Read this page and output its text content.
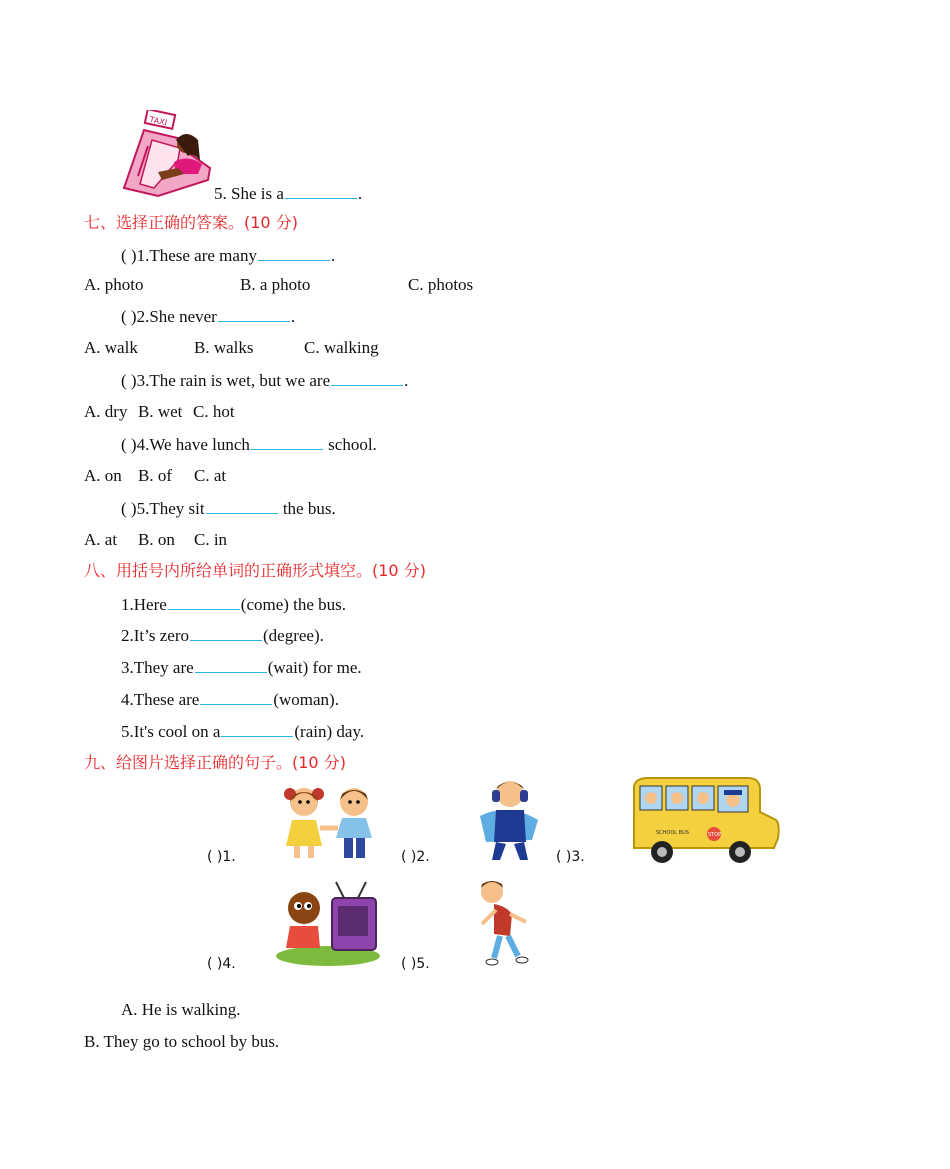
TAXI
5. She is a	.
七、选择正确的答案。(10 分)
( )1.These are many	.
A. photo	B. a photo	C. photos
( )2.She never	.
A. walk	B. walks	C. walking
( )3.The rain is wet, but we are	.
A. dry B. wet C. hot
( )4.We have lunch	school.
A. on B. of C. at
( )5.They sit	the bus.
A. at B. on C. in
八、用括号内所给单词的正确形式填空。(10 分)
1.Here	(come) the bus.
2.It’s zero	(degree).
3.They are	(wait) for me.
4.These are	(woman).
5.It's cool on a	(rain) day.
九、给图片选择正确的句子。(10 分)
SCHOOL BUS	STOP
( )1.	( )2.	( )3.
( )4.	( )5.
A. He is walking.
B. They go to school by bus.
